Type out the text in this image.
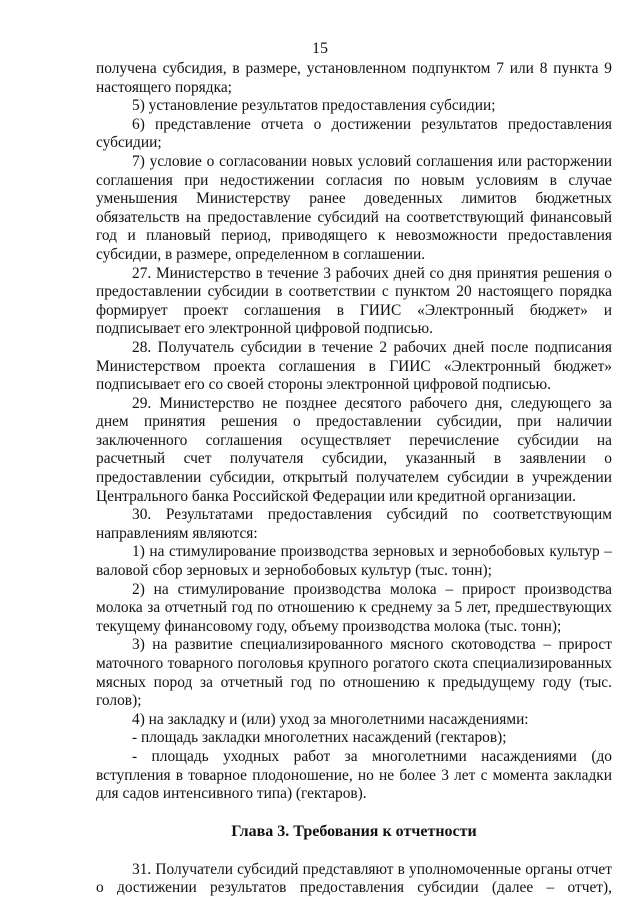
15

получена субсидия, в размере, установленном подпунктом 7 или 8 пункта 9 настоящего порядка;

5) установление результатов предоставления субсидии;

6) представление отчета о достижении результатов предоставления субсидии;

7) условие о согласовании новых условий соглашения или расторжении соглашения при недостижении согласия по новым условиям в случае уменьшения Министерству ранее доведенных лимитов бюджетных обязательств на предоставление субсидий на соответствующий финансовый год и плановый период, приводящего к невозможности предоставления субсидии, в размере, определенном в соглашении.

27. Министерство в течение 3 рабочих дней со дня принятия решения о предоставлении субсидии в соответствии с пунктом 20 настоящего порядка формирует проект соглашения в ГИИС «Электронный бюджет» и подписывает его электронной цифровой подписью.

28. Получатель субсидии в течение 2 рабочих дней после подписания Министерством проекта соглашения в ГИИС «Электронный бюджет» подписывает его со своей стороны электронной цифровой подписью.

29. Министерство не позднее десятого рабочего дня, следующего за днем принятия решения о предоставлении субсидии, при наличии заключенного соглашения осуществляет перечисление субсидии на расчетный счет получателя субсидии, указанный в заявлении о предоставлении субсидии, открытый получателем субсидии в учреждении Центрального банка Российской Федерации или кредитной организации.

30. Результатами предоставления субсидий по соответствующим направлениям являются:

1) на стимулирование производства зерновых и зернобобовых культур – валовой сбор зерновых и зернобобовых культур (тыс. тонн);

2) на стимулирование производства молока – прирост производства молока за отчетный год по отношению к среднему за 5 лет, предшествующих текущему финансовому году, объему производства молока (тыс. тонн);

3) на развитие специализированного мясного скотоводства – прирост маточного товарного поголовья крупного рогатого скота специализированных мясных пород за отчетный год по отношению к предыдущему году (тыс. голов);

4) на закладку и (или) уход за многолетними насаждениями:

- площадь закладки многолетних насаждений (гектаров);

- площадь уходных работ за многолетними насаждениями (до вступления в товарное плодоношение, но не более 3 лет с момента закладки для садов интенсивного типа) (гектаров).

Глава 3. Требования к отчетности

31. Получатели субсидий представляют в уполномоченные органы отчет о достижении результатов предоставления субсидии (далее – отчет),
